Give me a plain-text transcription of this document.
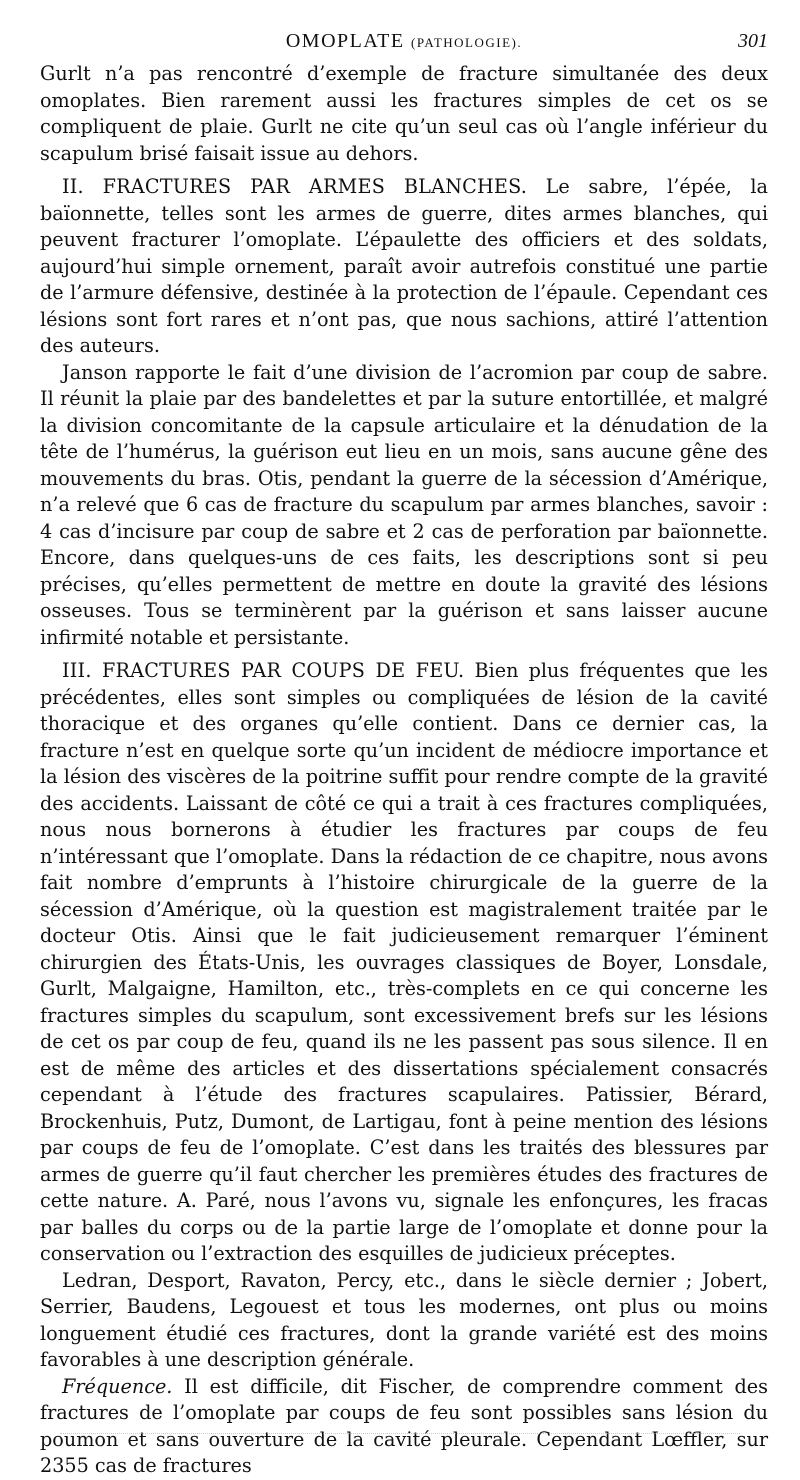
OMOPLATE (PATHOLOGIE).	301

Gurlt n’a pas rencontré d’exemple de fracture simultanée des deux omoplates. Bien rarement aussi les fractures simples de cet os se compliquent de plaie. Gurlt ne cite qu’un seul cas où l’angle inférieur du scapulum brisé faisait issue au dehors.

II. FRACTURES PAR ARMES BLANCHES. Le sabre, l’épée, la baïonnette, telles sont les armes de guerre, dites armes blanches, qui peuvent fracturer l’omoplate. L’épaulette des officiers et des soldats, aujourd’hui simple ornement, paraît avoir autrefois constitué une partie de l’armure défensive, destinée à la protection de l’épaule. Cependant ces lésions sont fort rares et n’ont pas, que nous sachions, attiré l’attention des auteurs.

Janson rapporte le fait d’une division de l’acromion par coup de sabre. Il réunit la plaie par des bandelettes et par la suture entortillée, et malgré la division concomitante de la capsule articulaire et la dénudation de la tête de l’humérus, la guérison eut lieu en un mois, sans aucune gêne des mouvements du bras. Otis, pendant la guerre de la sécession d’Amérique, n’a relevé que 6 cas de fracture du scapulum par armes blanches, savoir : 4 cas d’incisure par coup de sabre et 2 cas de perforation par baïonnette. Encore, dans quelques-uns de ces faits, les descriptions sont si peu précises, qu’elles permettent de mettre en doute la gravité des lésions osseuses. Tous se terminèrent par la guérison et sans laisser aucune infirmité notable et persistante.

III. FRACTURES PAR COUPS DE FEU. Bien plus fréquentes que les précédentes, elles sont simples ou compliquées de lésion de la cavité thoracique et des organes qu’elle contient. Dans ce dernier cas, la fracture n’est en quelque sorte qu’un incident de médiocre importance et la lésion des viscères de la poitrine suffit pour rendre compte de la gravité des accidents. Laissant de côté ce qui a trait à ces fractures compliquées, nous nous bornerons à étudier les fractures par coups de feu n’intéressant que l’omoplate. Dans la rédaction de ce chapitre, nous avons fait nombre d’emprunts à l’histoire chirurgicale de la guerre de la sécession d’Amérique, où la question est magistralement traitée par le docteur Otis. Ainsi que le fait judicieusement remarquer l’éminent chirurgien des États-Unis, les ouvrages classiques de Boyer, Lonsdale, Gurlt, Malgaigne, Hamilton, etc., très-complets en ce qui concerne les fractures simples du scapulum, sont excessivement brefs sur les lésions de cet os par coup de feu, quand ils ne les passent pas sous silence. Il en est de même des articles et des dissertations spécialement consacrés cependant à l’étude des fractures scapulaires. Patissier, Bérard, Brockenhuis, Putz, Dumont, de Lartigau, font à peine mention des lésions par coups de feu de l’omoplate. C’est dans les traités des blessures par armes de guerre qu’il faut chercher les premières études des fractures de cette nature. A. Paré, nous l’avons vu, signale les enfonçures, les fracas par balles du corps ou de la partie large de l’omoplate et donne pour la conservation ou l’extraction des esquilles de judicieux préceptes.

Ledran, Desport, Ravaton, Percy, etc., dans le siècle dernier ; Jobert, Serrier, Baudens, Legouest et tous les modernes, ont plus ou moins longuement étudié ces fractures, dont la grande variété est des moins favorables à une description générale.

Fréquence. Il est difficile, dit Fischer, de comprendre comment des fractures de l’omoplate par coups de feu sont possibles sans lésion du poumon et sans ouverture de la cavité pleurale. Cependant Lœffler, sur 2355 cas de fractures
